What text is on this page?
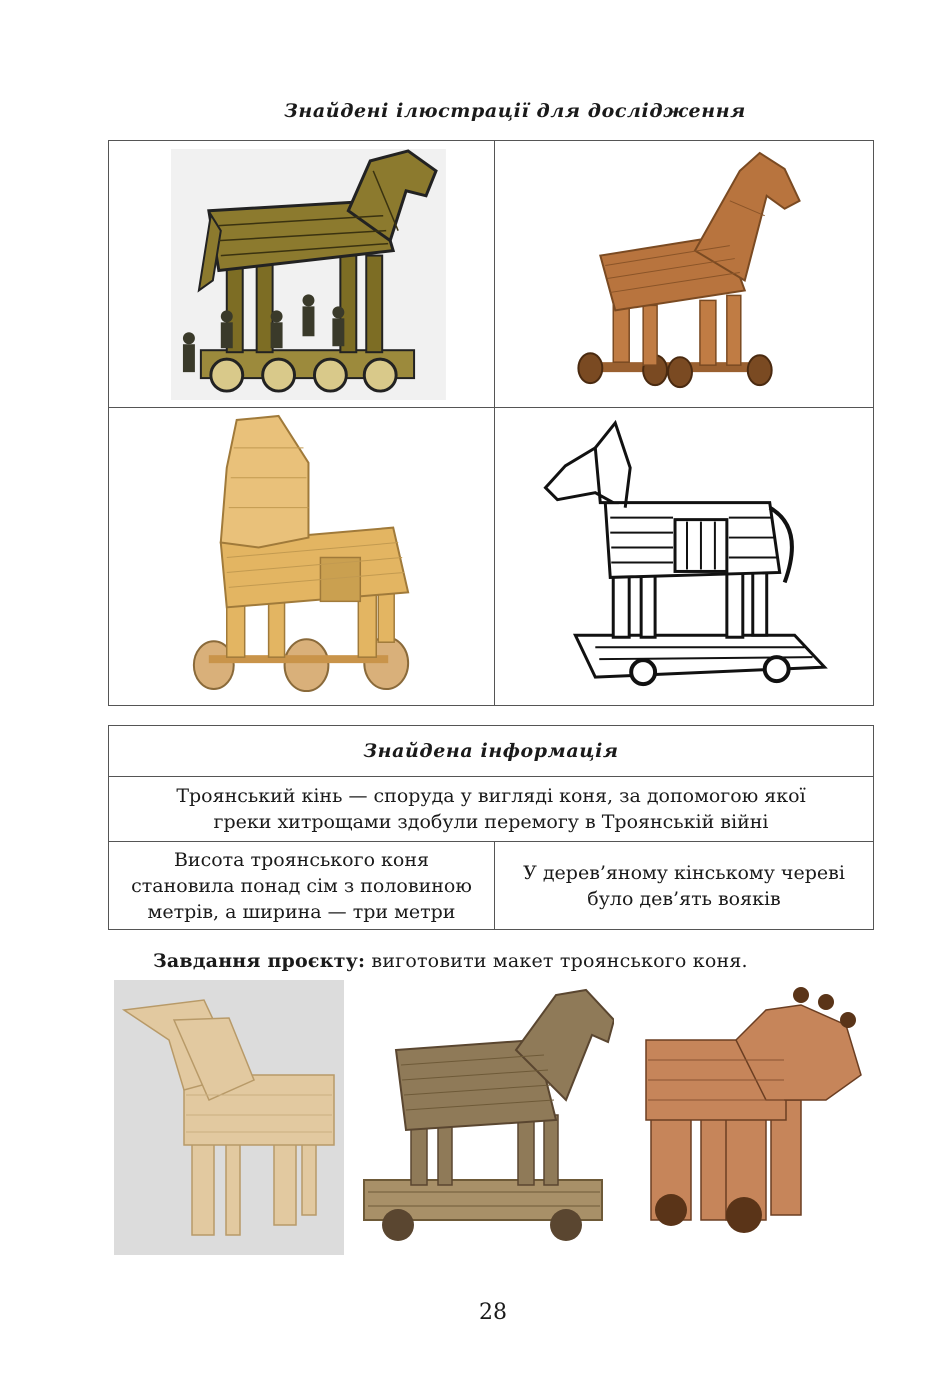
Знайдені ілюстрації для дослідження
Знайдена інформація
Троянський кінь — споруда у вигляді коня, за допомогою якої
греки хитрощами здобули перемогу в Троянській війні
Висота троянського коня
становила понад сім з половиною
метрів, а ширина — три метри
У дерев’яному кінському череві
було дев’ять вояків
Завдання проєкту: виготовити макет троянського коня.
28
